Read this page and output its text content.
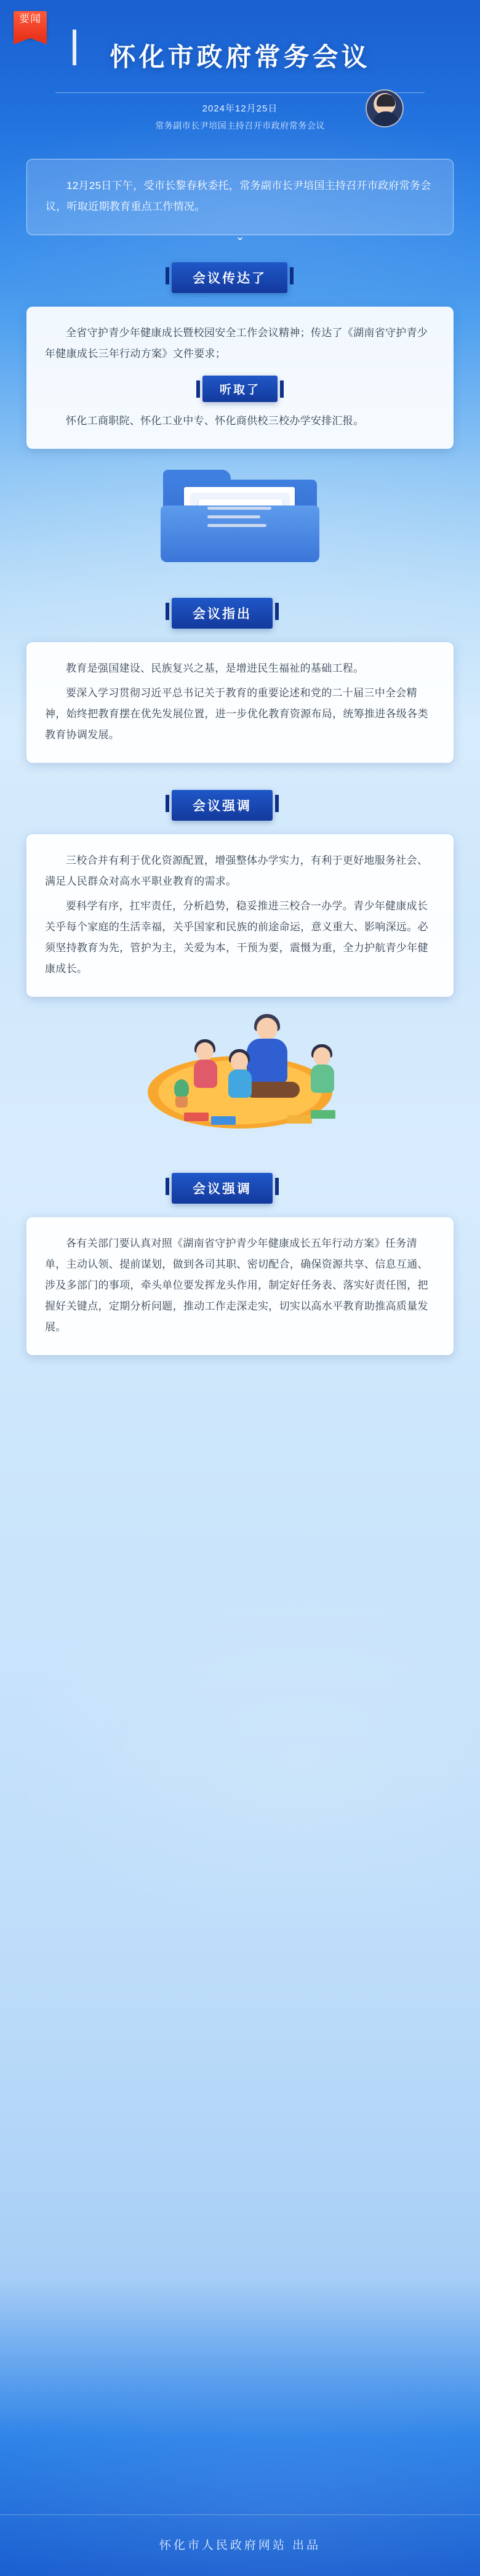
要闻
怀化市政府常务会议
2024年12月25日
常务副市长尹培国主持召开市政府常务会议

12月25日下午，受市长黎春秋委托，常务副市长尹培国主持召开市政府常务会议，听取近期教育重点工作情况。

⌄
会议传达了

全省守护青少年健康成长暨校园安全工作会议精神；传达了《湖南省守护青少年健康成长三年行动方案》文件要求；

听取了

怀化工商职院、怀化工业中专、怀化商供校三校办学安排汇报。

会议指出

教育是强国建设、民族复兴之基，是增进民生福祉的基础工程。

要深入学习贯彻习近平总书记关于教育的重要论述和党的二十届三中全会精神，始终把教育摆在优先发展位置，进一步优化教育资源布局，统筹推进各级各类教育协调发展。

会议强调

三校合并有利于优化资源配置，增强整体办学实力，有利于更好地服务社会、满足人民群众对高水平职业教育的需求。

要科学有序，扛牢责任，分析趋势，稳妥推进三校合一办学。青少年健康成长关乎每个家庭的生活幸福，关乎国家和民族的前途命运，意义重大、影响深远。必须坚持教育为先，管护为主，关爱为本，干预为要，震慑为重，全力护航青少年健康成长。

会议强调

各有关部门要认真对照《湖南省守护青少年健康成长五年行动方案》任务清单，主动认领、提前谋划，做到各司其职、密切配合，确保资源共享、信息互通、涉及多部门的事项，牵头单位要发挥龙头作用，制定好任务表、落实好责任图，把握好关键点，定期分析问题，推动工作走深走实，切实以高水平教育助推高质量发展。

怀化市人民政府网站 出品
